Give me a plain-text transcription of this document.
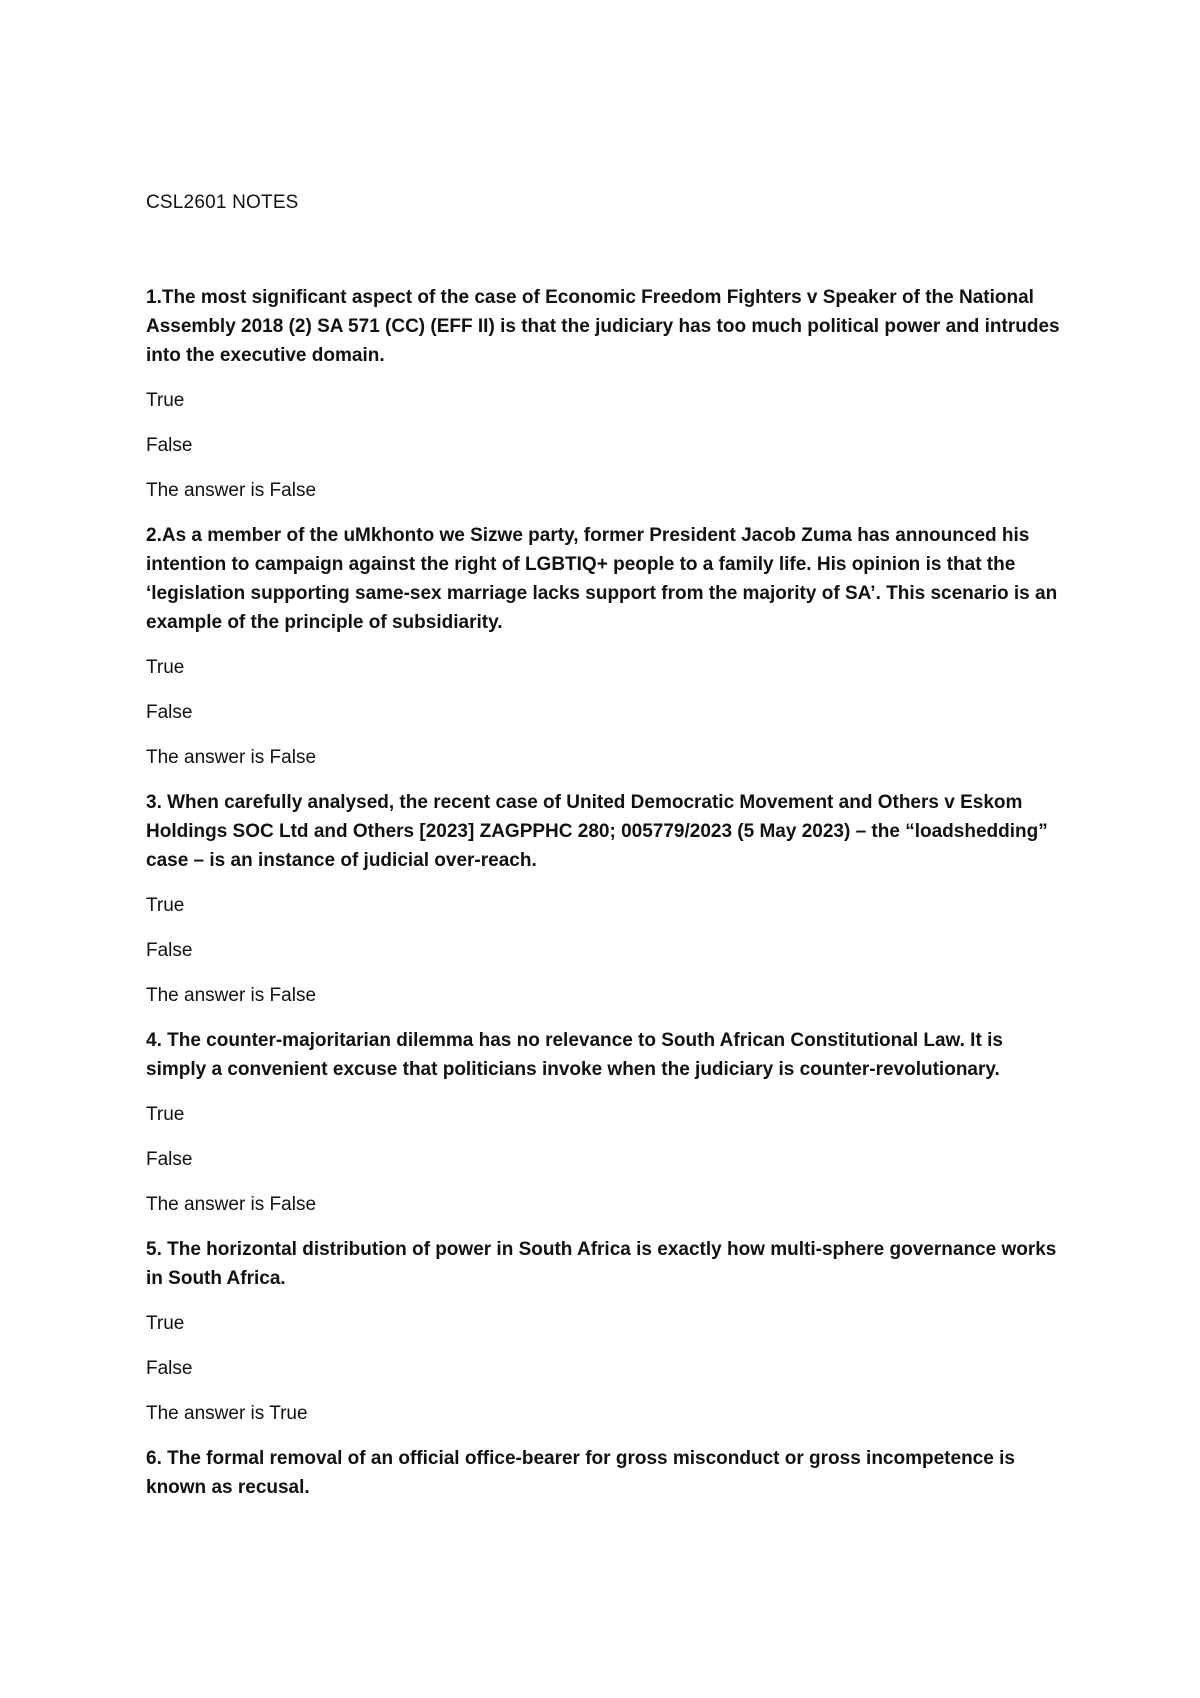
CSL2601 NOTES

1.The most significant aspect of the case of Economic Freedom Fighters v Speaker of the National Assembly 2018 (2) SA 571 (CC) (EFF II) is that the judiciary has too much political power and intrudes into the executive domain.

True

False

The answer is False

2.As a member of the uMkhonto we Sizwe party, former President Jacob Zuma has announced his intention to campaign against the right of LGBTIQ+ people to a family life. His opinion is that the ‘legislation supporting same-sex marriage lacks support from the majority of SA’. This scenario is an example of the principle of subsidiarity.

True

False

The answer is False

3. When carefully analysed, the recent case of United Democratic Movement and Others v Eskom Holdings SOC Ltd and Others [2023] ZAGPPHC 280; 005779/2023 (5 May 2023) – the “loadshedding” case – is an instance of judicial over-reach.

True

False

The answer is False

4. The counter-majoritarian dilemma has no relevance to South African Constitutional Law. It is simply a convenient excuse that politicians invoke when the judiciary is counter-revolutionary.

True

False

The answer is False

5. The horizontal distribution of power in South Africa is exactly how multi-sphere governance works in South Africa.

True

False

The answer is True

6. The formal removal of an official office-bearer for gross misconduct or gross incompetence is known as recusal.
